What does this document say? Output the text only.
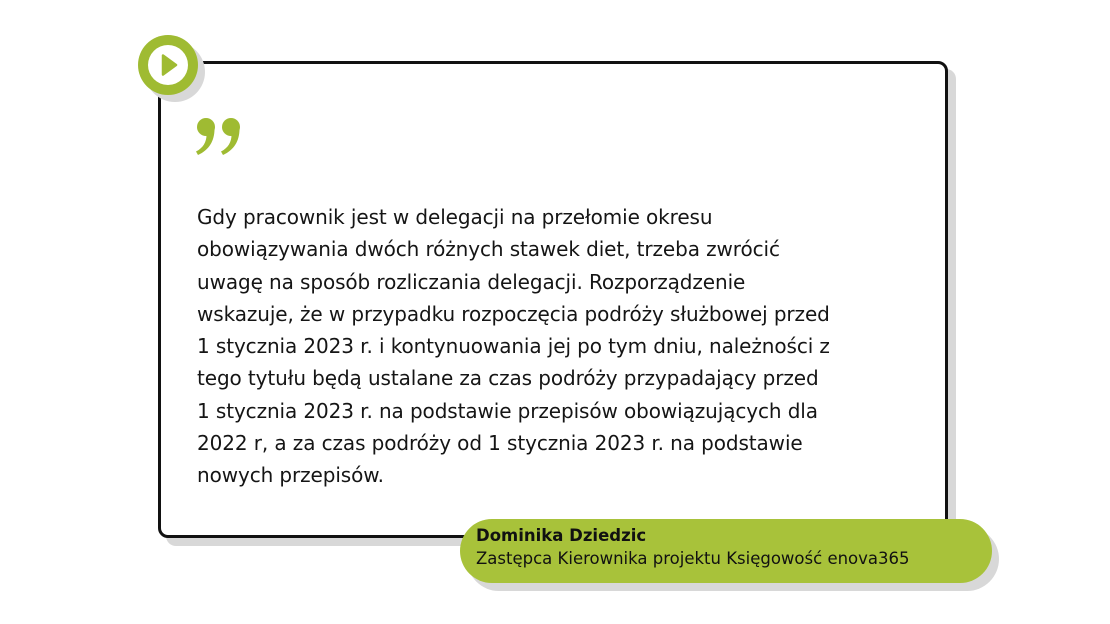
Gdy pracownik jest w delegacji na przełomie okresu
obowiązywania dwóch różnych stawek diet, trzeba zwrócić
uwagę na sposób rozliczania delegacji. Rozporządzenie
wskazuje, że w przypadku rozpoczęcia podróży służbowej przed
1 stycznia 2023 r. i kontynuowania jej po tym dniu, należności z
tego tytułu będą ustalane za czas podróży przypadający przed
1 stycznia 2023 r. na podstawie przepisów obowiązujących dla
2022 r, a za czas podróży od 1 stycznia 2023 r. na podstawie
nowych przepisów.

Dominika Dziedzic
Zastępca Kierownika projektu Księgowość enova365
